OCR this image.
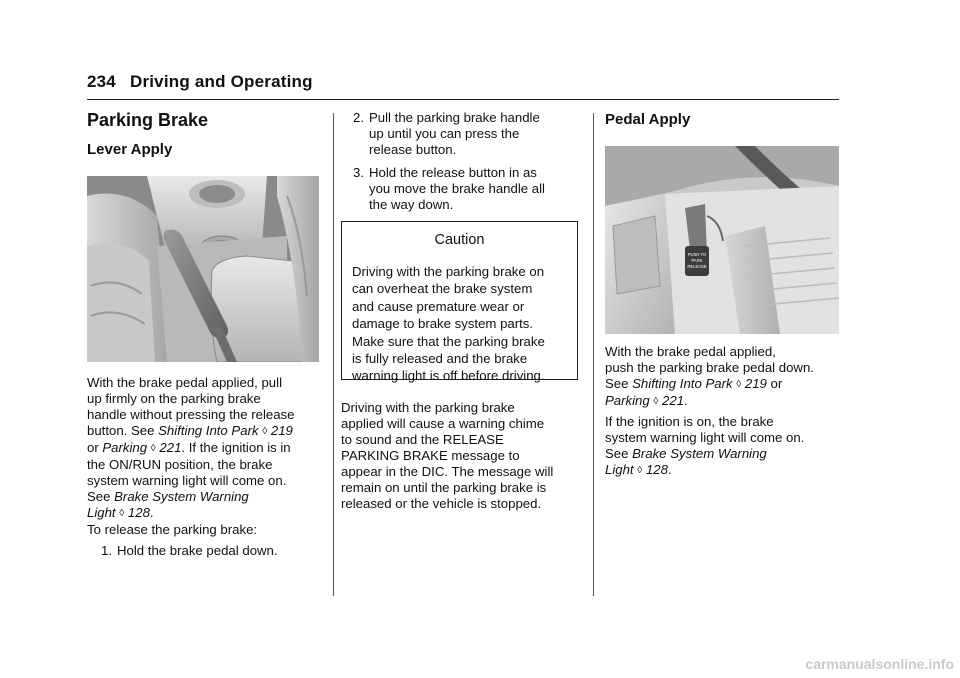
234 Driving and Operating
Parking Brake
Lever Apply
With the brake pedal applied, pull
up firmly on the parking brake
handle without pressing the release
button. See Shifting Into Park ◊ 219
or Parking ◊ 221. If the ignition is in
the ON/RUN position, the brake
system warning light will come on.
See Brake System Warning
Light ◊ 128.
To release the parking brake:
1. Hold the brake pedal down.
2. Pull the parking brake handle
up until you can press the
release button.
3. Hold the release button in as
you move the brake handle all
the way down.
Caution
Driving with the parking brake on
can overheat the brake system
and cause premature wear or
damage to brake system parts.
Make sure that the parking brake
is fully released and the brake
warning light is off before driving.
Driving with the parking brake
applied will cause a warning chime
to sound and the RELEASE
PARKING BRAKE message to
appear in the DIC. The message will
remain on until the parking brake is
released or the vehicle is stopped.
Pedal Apply
PUSH TO
PARK
RELEASE
With the brake pedal applied,
push the parking brake pedal down.
See Shifting Into Park ◊ 219 or
Parking ◊ 221.
If the ignition is on, the brake
system warning light will come on.
See Brake System Warning
Light ◊ 128.
carmanualsonline.info
